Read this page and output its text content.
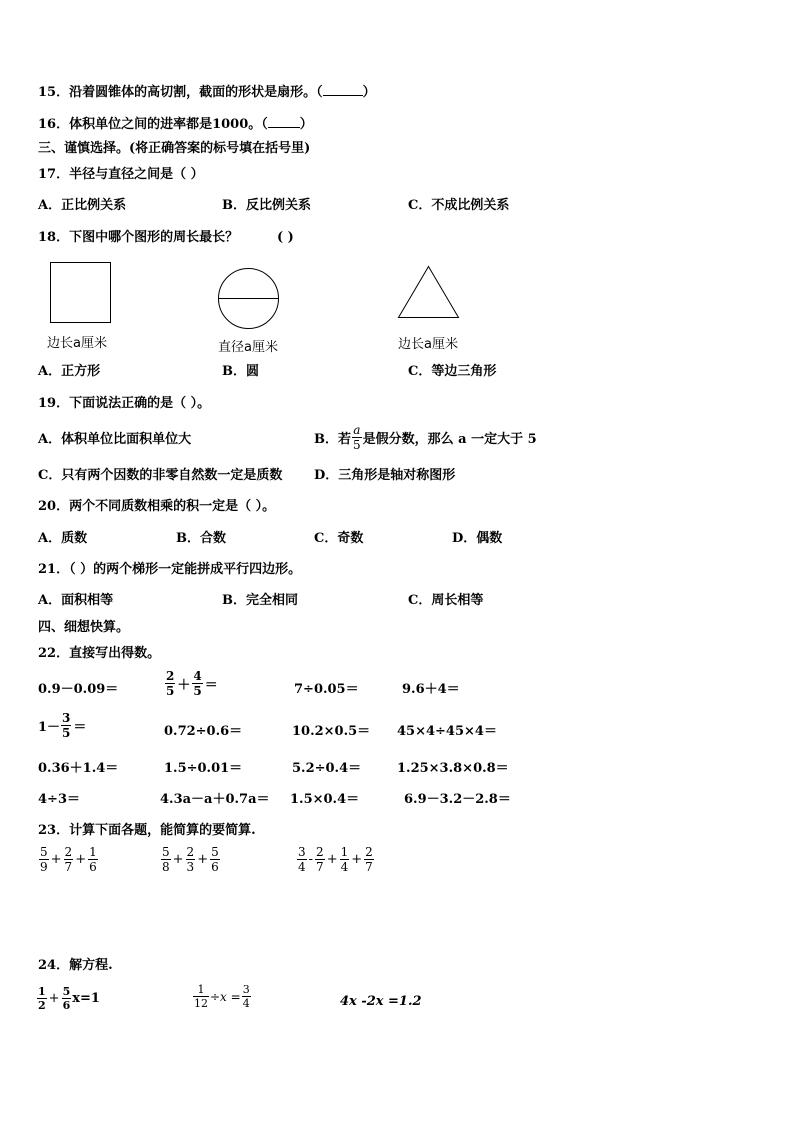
15．沿着圆锥体的高切割，截面的形状是扇形。（	）
16．体积单位之间的进率都是1000。（ ）
三、谨慎选择。(将正确答案的标号填在括号里)
17．半径与直径之间是（ ）
A．正比例关系	B．反比例关系	C．不成比例关系
18．下图中哪个图形的周长最长？	( )
边长a厘米	直径a厘米	边长a厘米
A．正方形	B．圆	C．等边三角形
19．下面说法正确的是（ ）。
A．体积单位比面积单位大	B．若 $\frac{a}{5}$ 是假分数，那么 a 一定大于 5
C．只有两个因数的非零自然数一定是质数 D．三角形是轴对称图形
20．两个不同质数相乘的积一定是（ ）。
A．质数	B．合数	C．奇数	D．偶数
21．（ ）的两个梯形一定能拼成平行四边形。
A．面积相等	B．完全相同	C．周长相等
四、细想快算。
22．直接写出得数。
0.9－0.09＝	$\frac{2}{5} + \frac{4}{5}$ ＝	7÷0.05＝	9.6＋4＝
$1- \frac{3}{5}$ ＝	0.72÷0.6＝	10.2×0.5＝ 45×4÷45×4＝
0.36＋1.4＝	1.5÷0.01＝	5.2÷0.4＝	1.25×3.8×0.8＝
4÷3＝	4.3a－a＋0.7a＝ 1.5×0.4＝	6.9－3.2－2.8＝
23．计算下面各题，能简算的要简算.
$\frac{5}{9} + \frac{2}{7} + \frac{1}{6}$	$\frac{5}{8} + \frac{2}{3} + \frac{5}{6}$	$\frac{3}{4} - \frac{2}{7} + \frac{1}{4} + \frac{2}{7}$
24．解方程.
$\frac{1}{2} + \frac{5}{6} x=1$	$\frac{1}{12} \div x = \frac{3}{4}$	4x -2x =1.2
